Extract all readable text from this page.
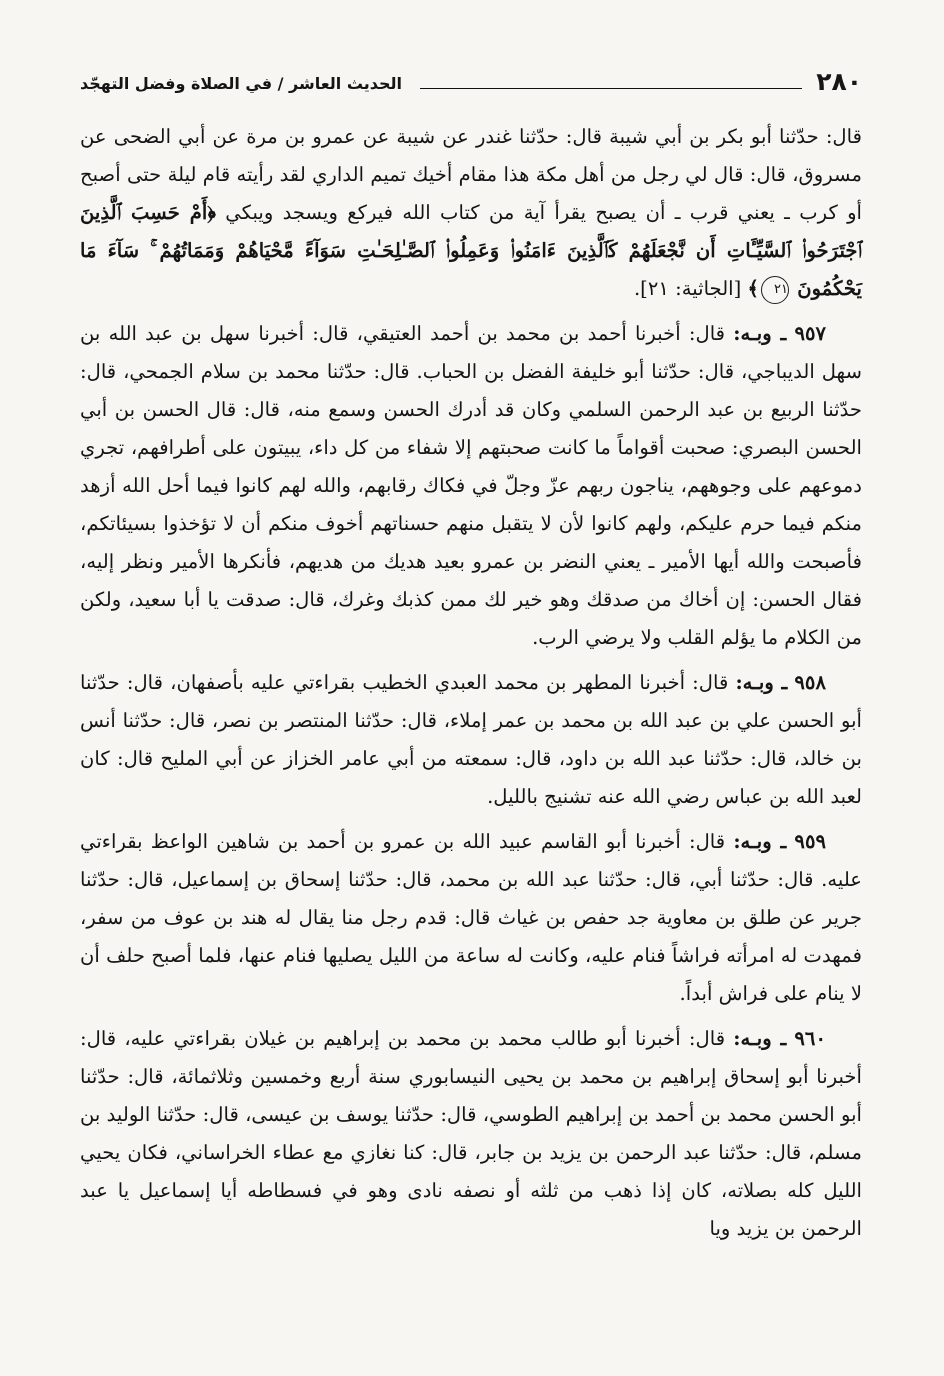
٢٨٠
الحديث العاشر / في الصلاة وفضل التهجّد

قال: حدّثنا أبو بكر بن أبي شيبة قال: حدّثنا غندر عن شيبة عن عمرو بن مرة عن أبي الضحى عن مسروق، قال: قال لي رجل من أهل مكة هذا مقام أخيك تميم الداري لقد رأيته قام ليلة حتى أصبح أو كرب ـ يعني قرب ـ أن يصبح يقرأ آية من كتاب الله فيركع ويسجد ويبكي ﴿أَمْ حَسِبَ ٱلَّذِينَ ٱجْتَرَحُوا۟ ٱلسَّيِّـَٔاتِ أَن نَّجْعَلَهُمْ كَٱلَّذِينَ ءَامَنُوا۟ وَعَمِلُوا۟ ٱلصَّـٰلِحَـٰتِ سَوَآءً مَّحْيَاهُمْ وَمَمَاتُهُمْ ۚ سَآءَ مَا يَحْكُمُونَ ٢١﴾ [الجاثية: ٢١].

٩٥٧ ـ وبـه: قال: أخبرنا أحمد بن محمد بن أحمد العتيقي، قال: أخبرنا سهل بن عبد الله بن سهل الديباجي، قال: حدّثنا أبو خليفة الفضل بن الحباب. قال: حدّثنا محمد بن سلام الجمحي، قال: حدّثنا الربيع بن عبد الرحمن السلمي وكان قد أدرك الحسن وسمع منه، قال: قال الحسن بن أبي الحسن البصري: صحبت أقواماً ما كانت صحبتهم إلا شفاء من كل داء، يبيتون على أطرافهم، تجري دموعهم على وجوههم، يناجون ربهم عزّ وجلّ في فكاك رقابهم، والله لهم كانوا فيما أحل الله أزهد منكم فيما حرم عليكم، ولهم كانوا لأن لا يتقبل منهم حسناتهم أخوف منكم أن لا تؤخذوا بسيئاتكم، فأصبحت والله أيها الأمير ـ يعني النضر بن عمرو بعيد هديك من هديهم، فأنكرها الأمير ونظر إليه، فقال الحسن: إن أخاك من صدقك وهو خير لك ممن كذبك وغرك، قال: صدقت يا أبا سعيد، ولكن من الكلام ما يؤلم القلب ولا يرضي الرب.

٩٥٨ ـ وبـه: قال: أخبرنا المطهر بن محمد العبدي الخطيب بقراءتي عليه بأصفهان، قال: حدّثنا أبو الحسن علي بن عبد الله بن محمد بن عمر إملاء، قال: حدّثنا المنتصر بن نصر، قال: حدّثنا أنس بن خالد، قال: حدّثنا عبد الله بن داود، قال: سمعته من أبي عامر الخزاز عن أبي المليح قال: كان لعبد الله بن عباس رضي الله عنه تشنيج بالليل.

٩٥٩ ـ وبـه: قال: أخبرنا أبو القاسم عبيد الله بن عمرو بن أحمد بن شاهين الواعظ بقراءتي عليه. قال: حدّثنا أبي، قال: حدّثنا عبد الله بن محمد، قال: حدّثنا إسحاق بن إسماعيل، قال: حدّثنا جرير عن طلق بن معاوية جد حفص بن غياث قال: قدم رجل منا يقال له هند بن عوف من سفر، فمهدت له امرأته فراشاً فنام عليه، وكانت له ساعة من الليل يصليها فنام عنها، فلما أصبح حلف أن لا ينام على فراش أبداً.

٩٦٠ ـ وبـه: قال: أخبرنا أبو طالب محمد بن محمد بن إبراهيم بن غيلان بقراءتي عليه، قال: أخبرنا أبو إسحاق إبراهيم بن محمد بن يحيى النيسابوري سنة أربع وخمسين وثلاثمائة، قال: حدّثنا أبو الحسن محمد بن أحمد بن إبراهيم الطوسي، قال: حدّثنا يوسف بن عيسى، قال: حدّثنا الوليد بن مسلم، قال: حدّثنا عبد الرحمن بن يزيد بن جابر، قال: كنا نغازي مع عطاء الخراساني، فكان يحيي الليل كله بصلاته، كان إذا ذهب من ثلثه أو نصفه نادى وهو في فسطاطه أيا إسماعيل يا عبد الرحمن بن يزيد ويا
